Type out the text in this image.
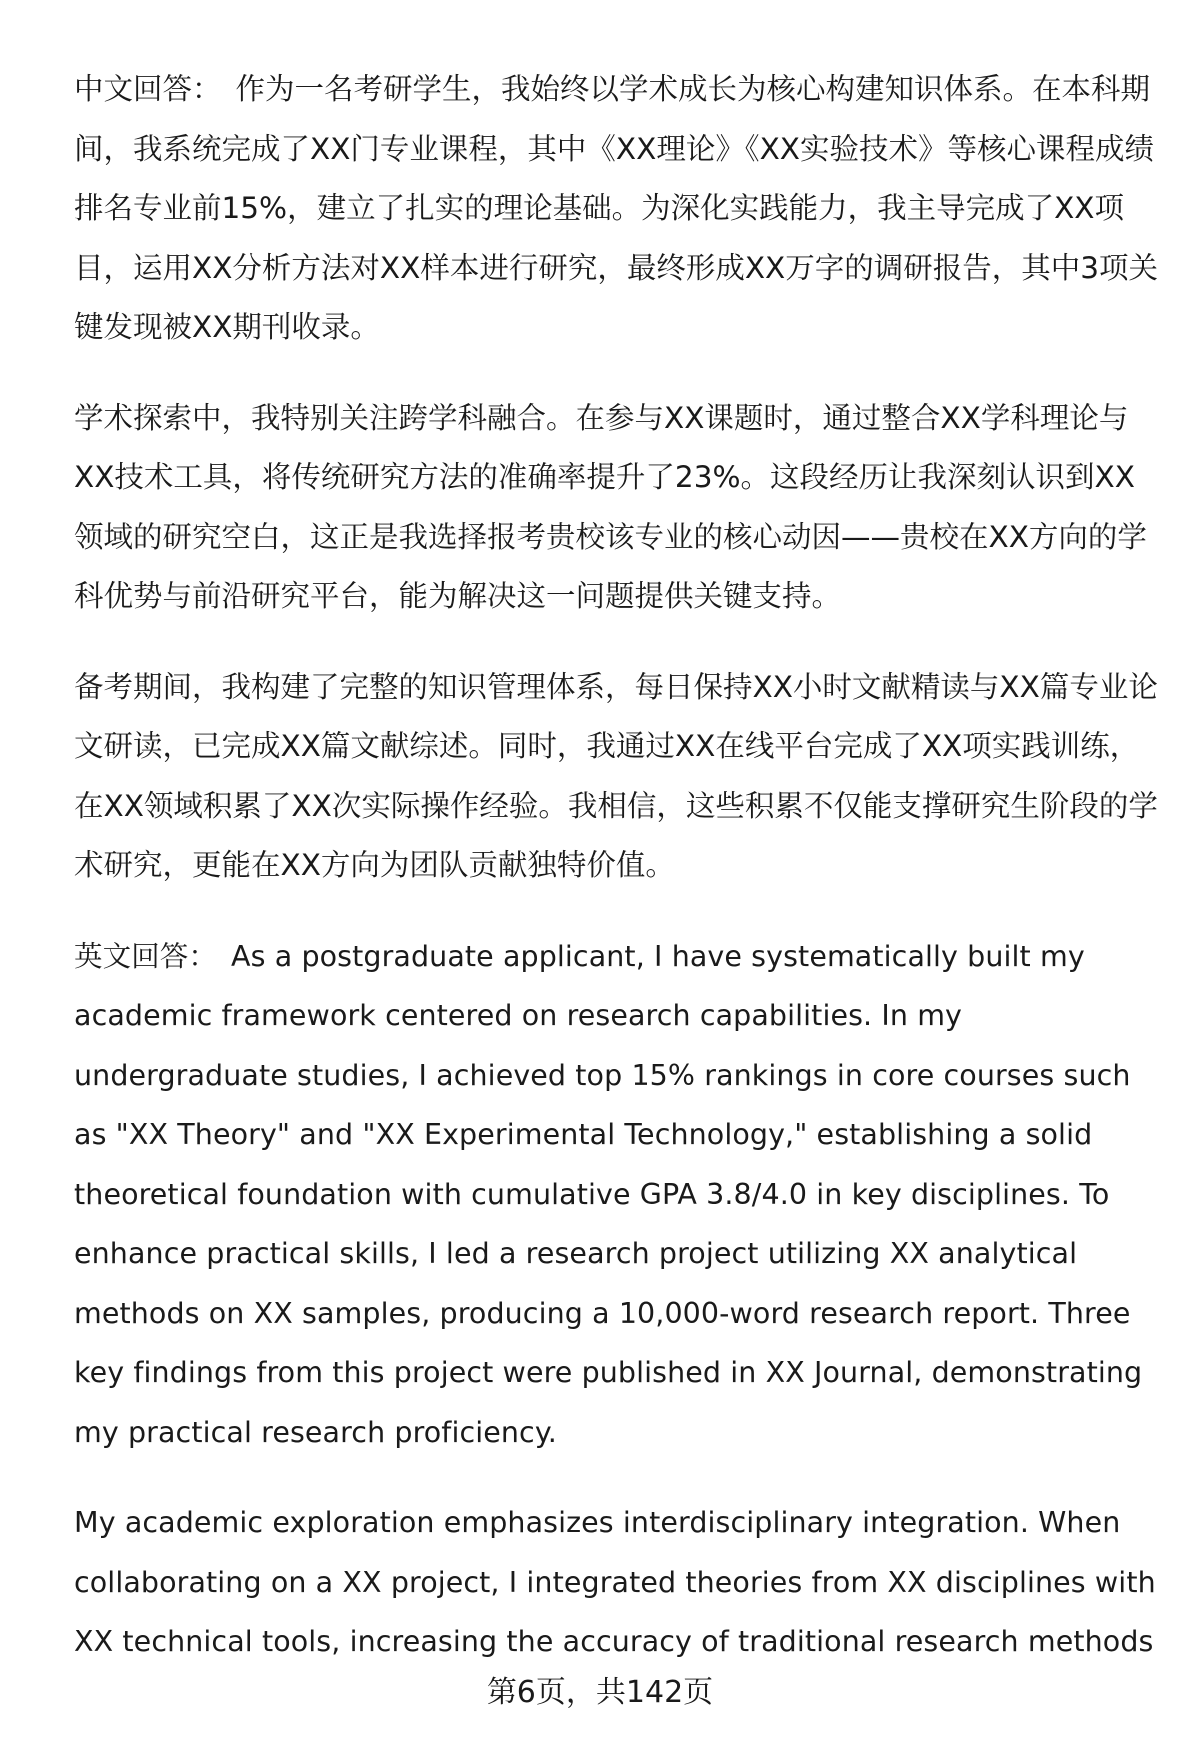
中文回答： 作为一名考研学生，我始终以学术成长为核心构建知识体系。在本科期间，我系统完成了XX门专业课程，其中《XX理论》《XX实验技术》等核心课程成绩排名专业前15%，建立了扎实的理论基础。为深化实践能力，我主导完成了XX项目，运用XX分析方法对XX样本进行研究，最终形成XX万字的调研报告，其中3项关键发现被XX期刊收录。

学术探索中，我特别关注跨学科融合。在参与XX课题时，通过整合XX学科理论与XX技术工具，将传统研究方法的准确率提升了23%。这段经历让我深刻认识到XX领域的研究空白，这正是我选择报考贵校该专业的核心动因——贵校在XX方向的学科优势与前沿研究平台，能为解决这一问题提供关键支持。

备考期间，我构建了完整的知识管理体系，每日保持XX小时文献精读与XX篇专业论文研读，已完成XX篇文献综述。同时，我通过XX在线平台完成了XX项实践训练，在XX领域积累了XX次实际操作经验。我相信，这些积累不仅能支撑研究生阶段的学术研究，更能在XX方向为团队贡献独特价值。

英文回答： As a postgraduate applicant, I have systematically built my academic framework centered on research capabilities. In my undergraduate studies, I achieved top 15% rankings in core courses such as "XX Theory" and "XX Experimental Technology," establishing a solid theoretical foundation with cumulative GPA 3.8/4.0 in key disciplines. To enhance practical skills, I led a research project utilizing XX analytical methods on XX samples, producing a 10,000-word research report. Three key findings from this project were published in XX Journal, demonstrating my practical research proficiency.

My academic exploration emphasizes interdisciplinary integration. When collaborating on a XX project, I integrated theories from XX disciplines with XX technical tools, increasing the accuracy of traditional research methods

第6页，共142页
